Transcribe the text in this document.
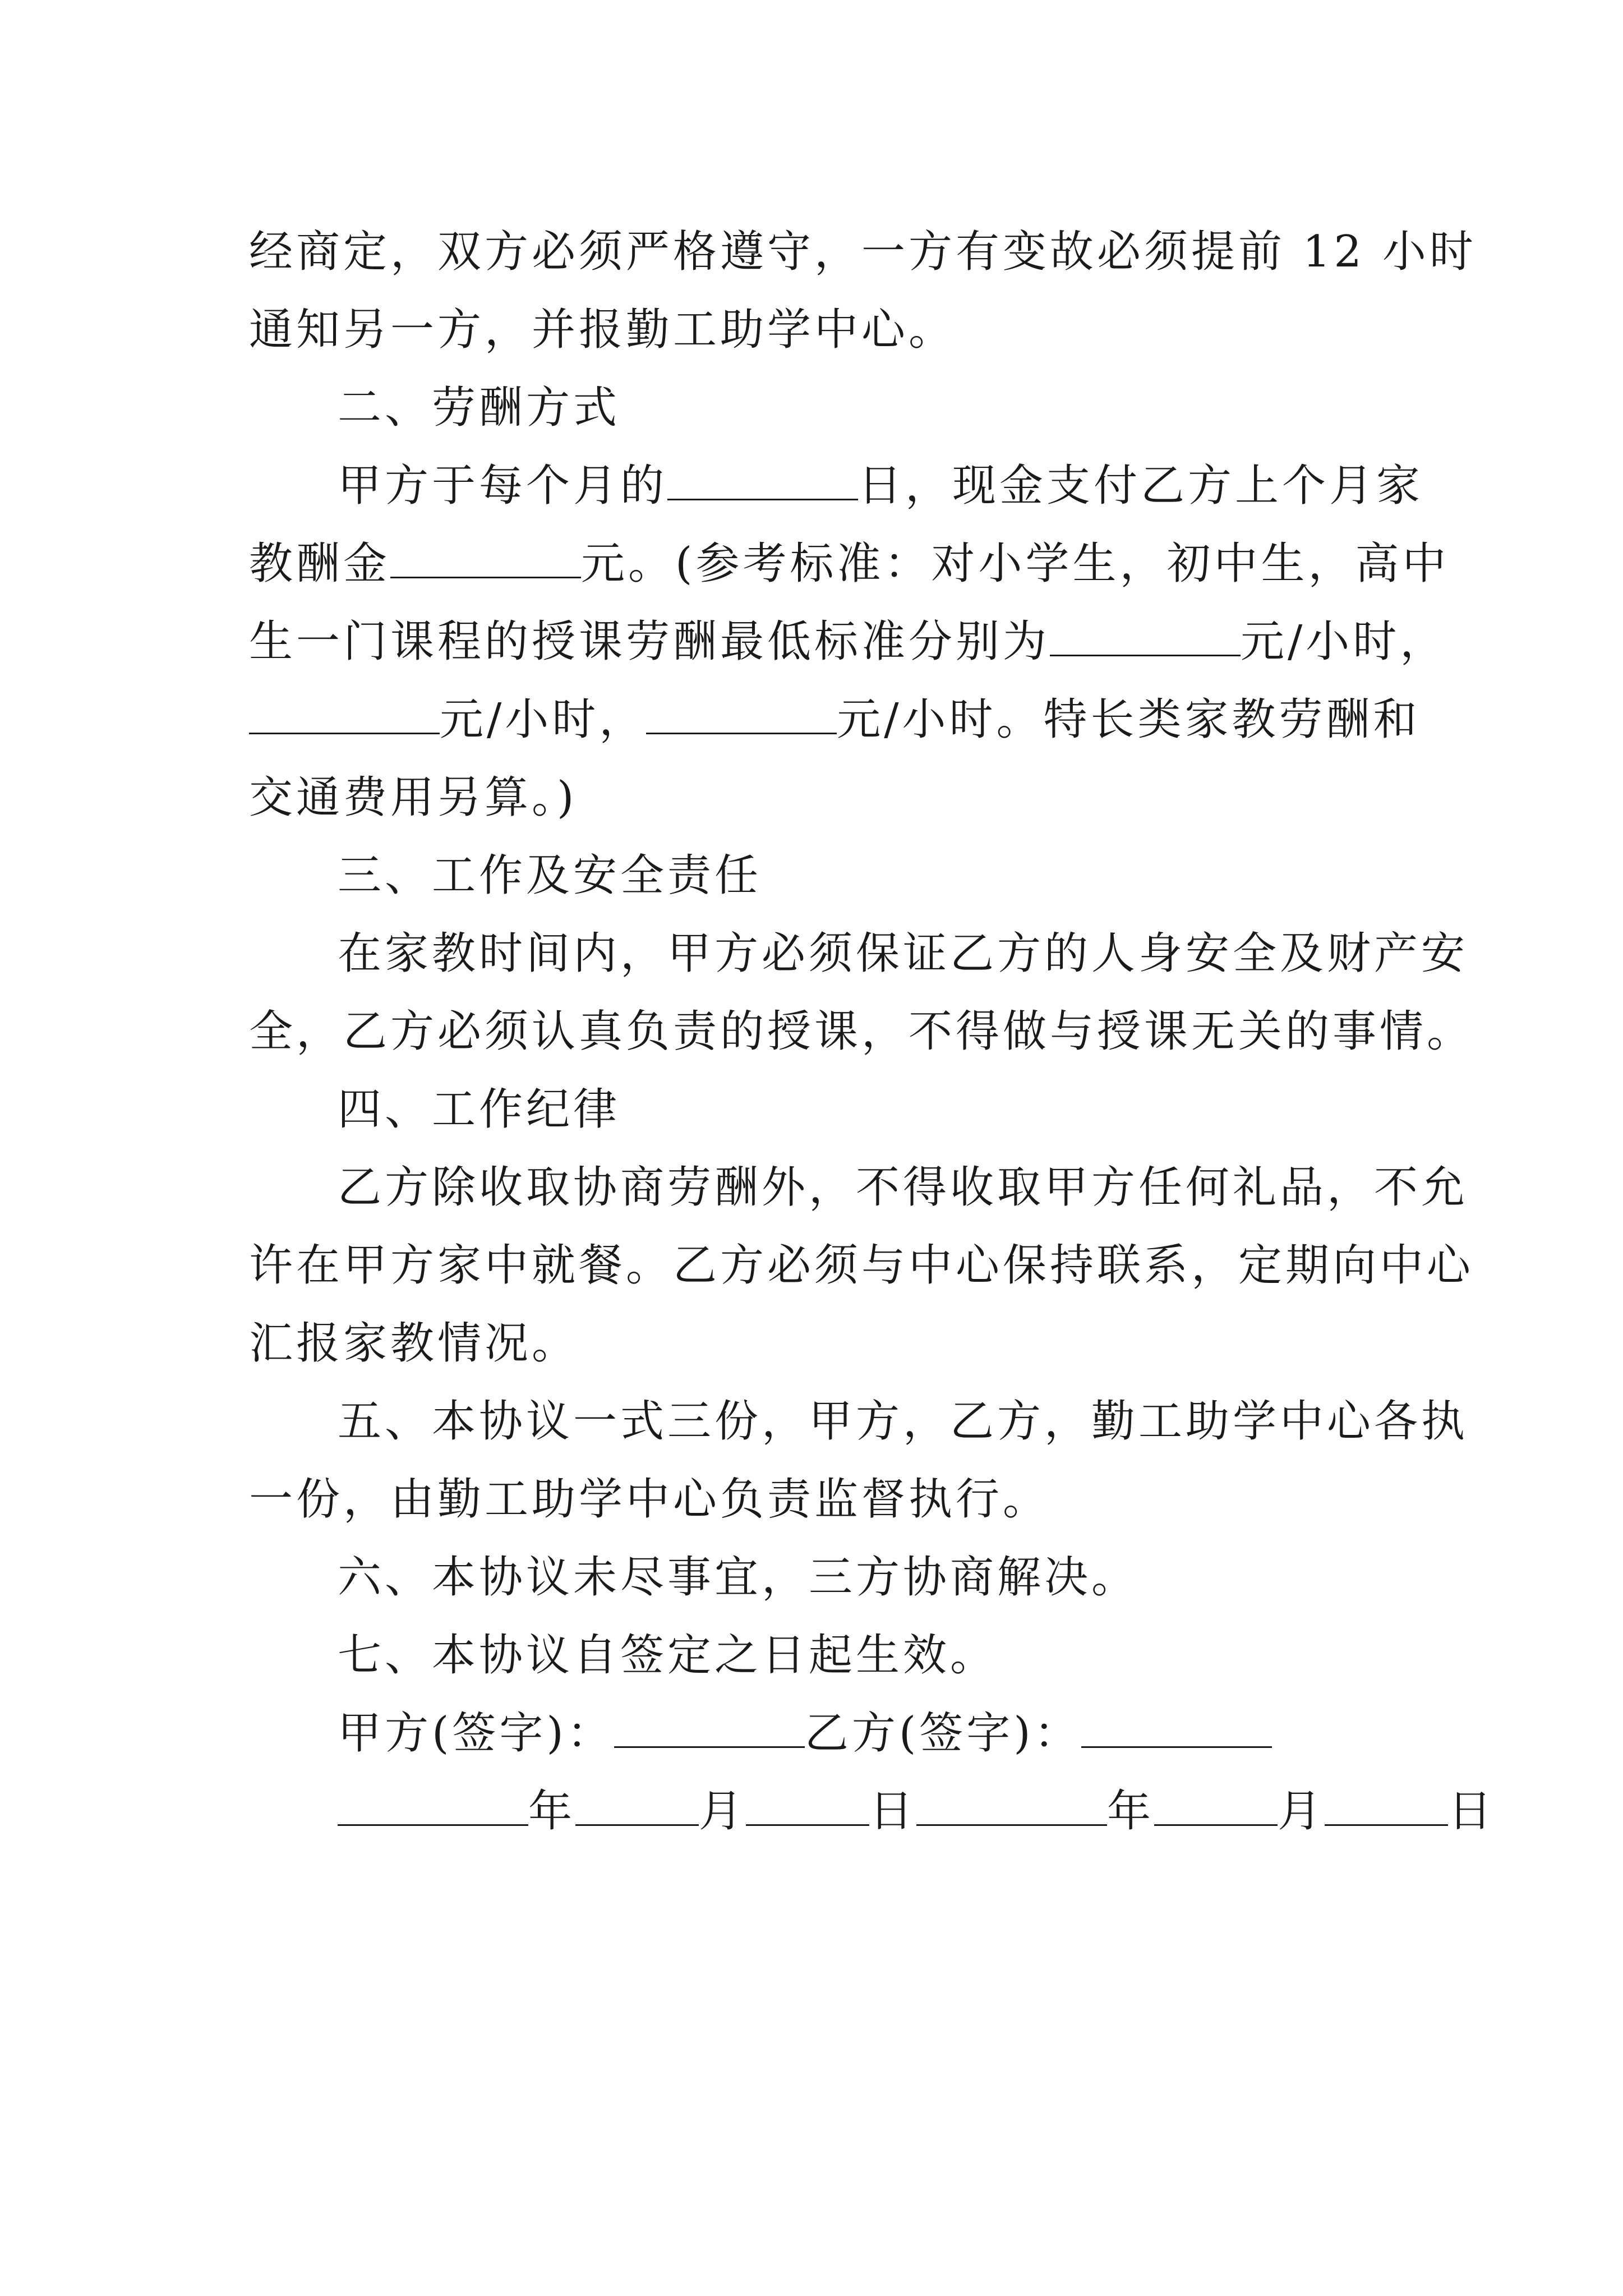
经商定，双方必须严格遵守，一方有变故必须提前 12 小时
通知另一方，并报勤工助学中心。
二、劳酬方式
甲方于每个月的	日，现金支付乙方上个月家
教酬金	元。(参考标准：对小学生，初中生，高中
生一门课程的授课劳酬最低标准分别为	元/小时，
元/小时，	元/小时。特长类家教劳酬和
交通费用另算。)
三、工作及安全责任
在家教时间内，甲方必须保证乙方的人身安全及财产安
全，乙方必须认真负责的授课，不得做与授课无关的事情。
四、工作纪律
乙方除收取协商劳酬外，不得收取甲方任何礼品，不允
许在甲方家中就餐。乙方必须与中心保持联系，定期向中心
汇报家教情况。
五、本协议一式三份，甲方，乙方，勤工助学中心各执
一份，由勤工助学中心负责监督执行。
六、本协议未尽事宜，三方协商解决。
七、本协议自签定之日起生效。
甲方(签字)：	乙方(签字)：
年	月	日	年	月	日
